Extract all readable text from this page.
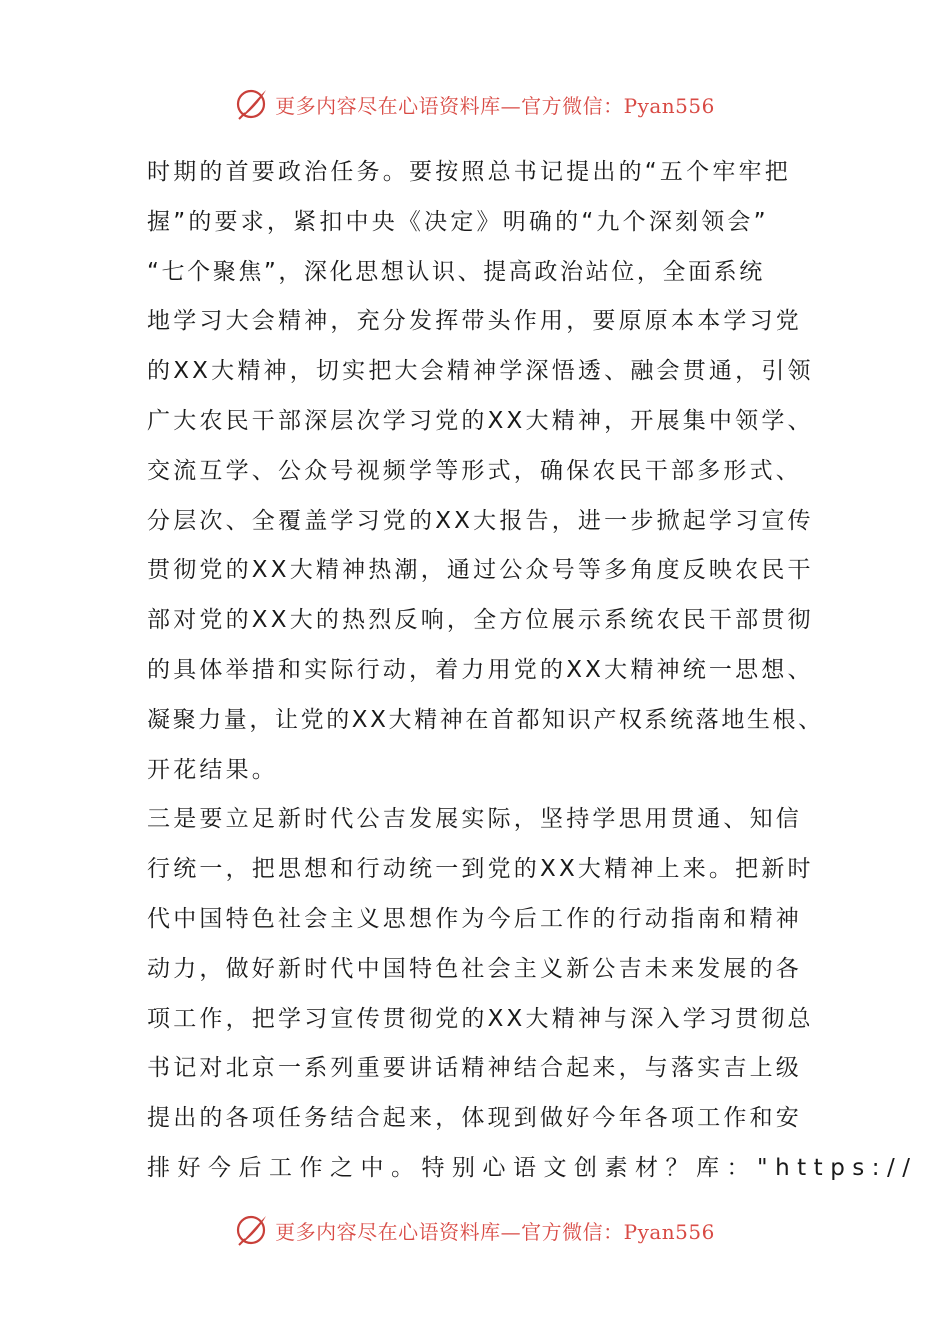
更多内容尽在心语资料库—官方微信：Pyan556
时期的首要政治任务。要按照总书记提出的“五个牢牢把
握”的要求，紧扣中央《决定》明确的“九个深刻领会”
“七个聚焦”，深化思想认识、提高政治站位，全面系统
地学习大会精神，充分发挥带头作用，要原原本本学习党
的XX大精神，切实把大会精神学深悟透、融会贯通，引领
广大农民干部深层次学习党的XX大精神，开展集中领学、
交流互学、公众号视频学等形式，确保农民干部多形式、
分层次、全覆盖学习党的XX大报告，进一步掀起学习宣传
贯彻党的XX大精神热潮，通过公众号等多角度反映农民干
部对党的XX大的热烈反响，全方位展示系统农民干部贯彻
的具体举措和实际行动，着力用党的XX大精神统一思想、
凝聚力量，让党的XX大精神在首都知识产权系统落地生根、
开花结果。
三是要立足新时代公吉发展实际，坚持学思用贯通、知信
行统一，把思想和行动统一到党的XX大精神上来。把新时
代中国特色社会主义思想作为今后工作的行动指南和精神
动力，做好新时代中国特色社会主义新公吉未来发展的各
项工作，把学习宣传贯彻党的XX大精神与深入学习贯彻总
书记对北京一系列重要讲话精神结合起来，与落实吉上级
提出的各项任务结合起来，体现到做好今年各项工作和安
排好今后工作之中。特别心语文创素材？库："https://
更多内容尽在心语资料库—官方微信：Pyan556
